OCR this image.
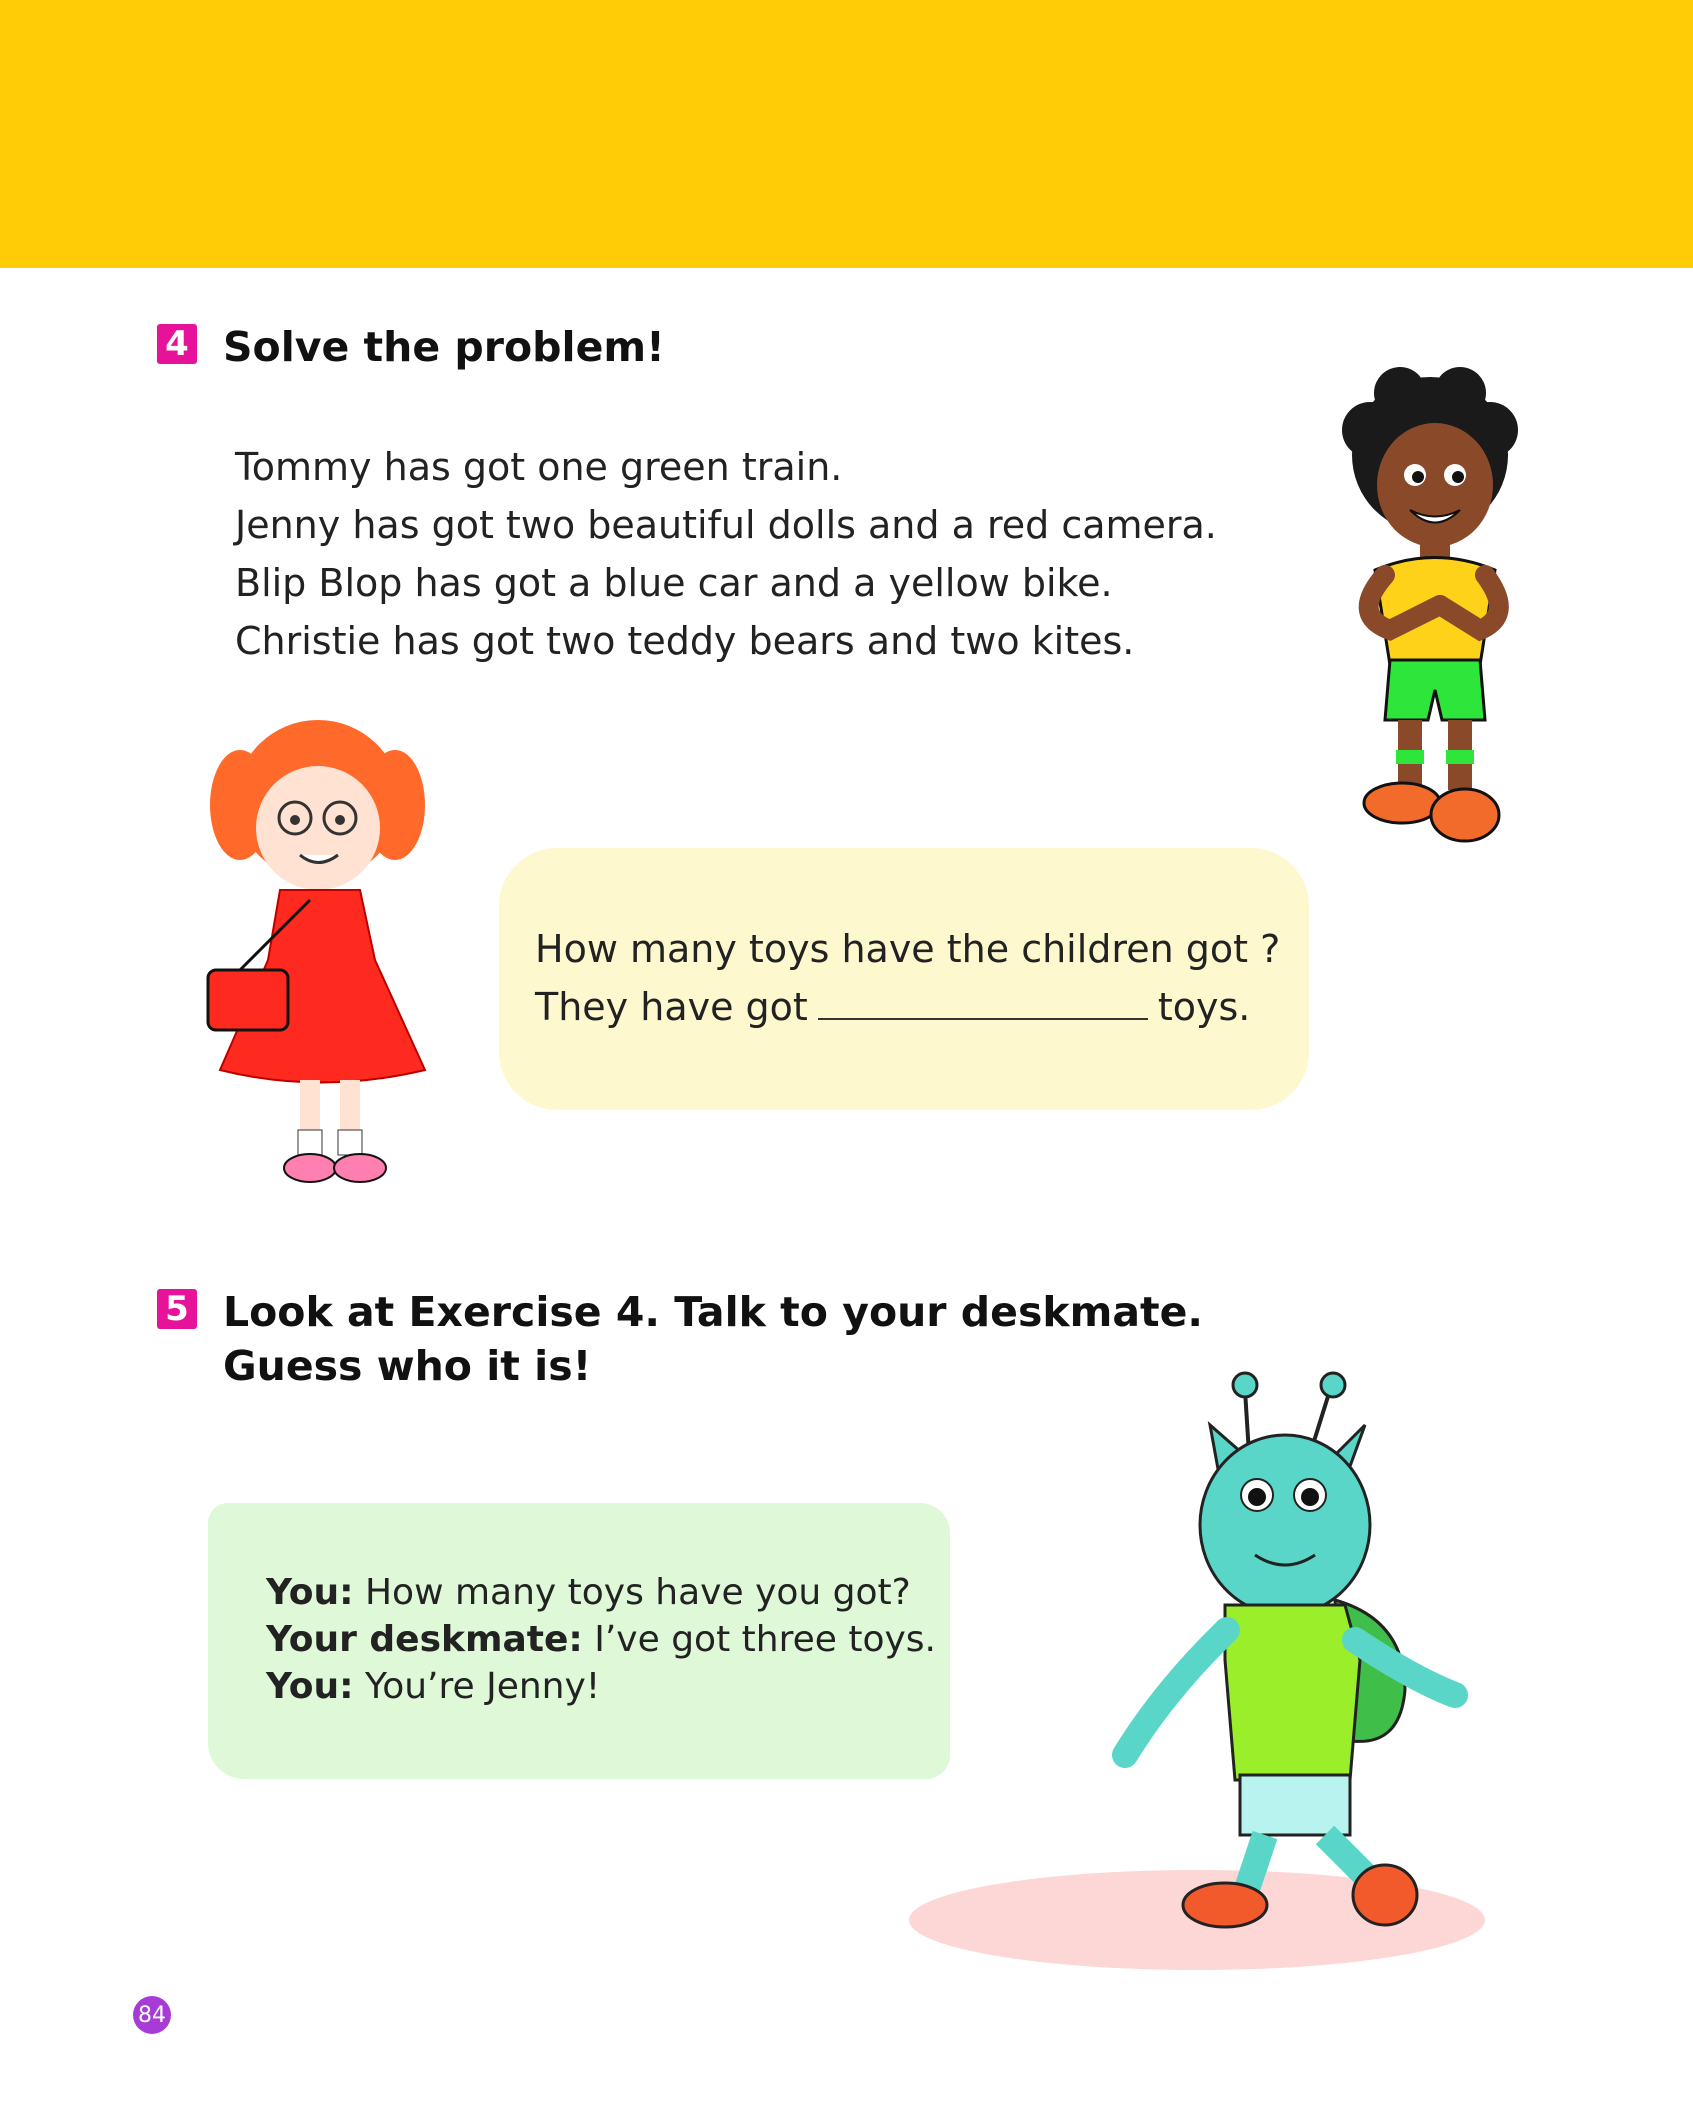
4 Solve the problem!
Tommy has got one green train.
Jenny has got two beautiful dolls and a red camera.
Blip Blop has got a blue car and a yellow bike.
Christie has got two teddy bears and two kites.
How many toys have the children got ?
They have got	toys.
5 Look at Exercise 4. Talk to your deskmate.
Guess who it is!
You: How many toys have you got?
Your deskmate: I’ve got three toys.
You: You’re Jenny!
84
